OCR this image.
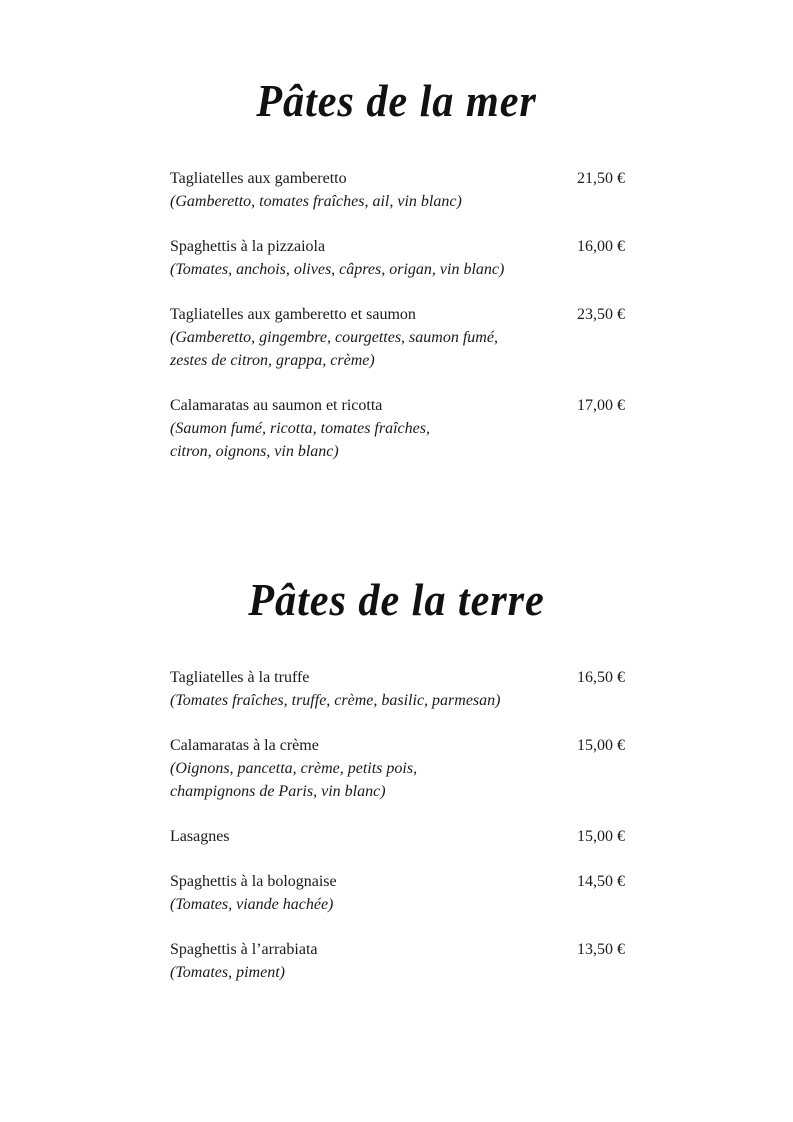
Pâtes de la mer
Tagliatelles aux gamberetto	21,50 €
(Gamberetto, tomates fraîches, ail, vin blanc)
Spaghettis à la pizzaiola	16,00 €
(Tomates, anchois, olives, câpres, origan, vin blanc)
Tagliatelles aux gamberetto et saumon	23,50 €
(Gamberetto, gingembre, courgettes, saumon fumé,
zestes de citron, grappa, crème)
Calamaratas au saumon et ricotta	17,00 €
(Saumon fumé, ricotta, tomates fraîches,
citron, oignons, vin blanc)
Pâtes de la terre
Tagliatelles à la truffe	16,50 €
(Tomates fraîches, truffe, crème, basilic, parmesan)
Calamaratas à la crème	15,00 €
(Oignons, pancetta, crème, petits pois,
champignons de Paris, vin blanc)
Lasagnes	15,00 €
Spaghettis à la bolognaise	14,50 €
(Tomates, viande hachée)
Spaghettis à l’arrabiata	13,50 €
(Tomates, piment)
